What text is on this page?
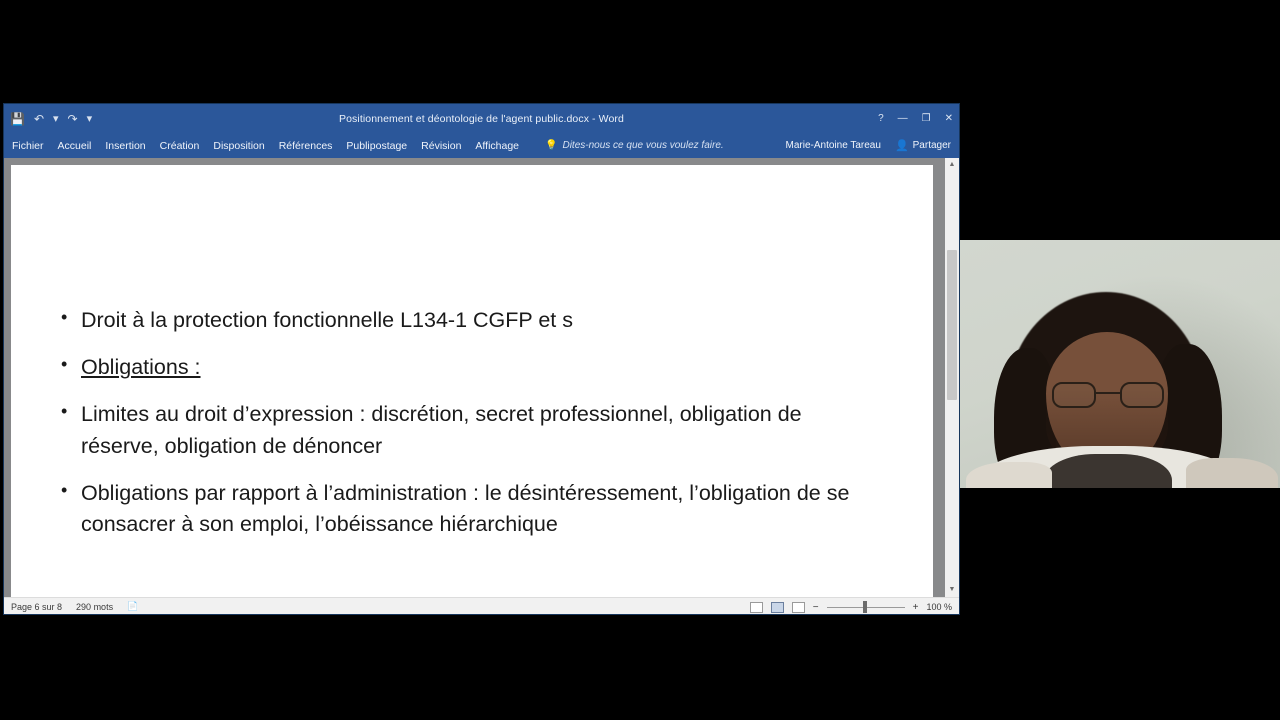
💾 ↶ ▾ ↷ ▾	Positionnement et déontologie de l'agent public.docx - Word	? — ❐ ✕
Fichier Accueil Insertion Création Disposition Références Publipostage Révision Affichage	💡 Dites-nous ce que vous voulez faire.	Marie-Antoine Tareau 👤 Partager
• Droit à la protection fonctionnelle L134-1 CGFP et s
• Obligations :
• Limites au droit d’expression : discrétion, secret professionnel, obligation de réserve, obligation de dénoncer
• Obligations par rapport à l’administration : le désintéressement, l’obligation de se consacrer à son emploi, l’obéissance hiérarchique
▲
▼
Page 6 sur 8 290 mots 📄	−	+ 100 %
